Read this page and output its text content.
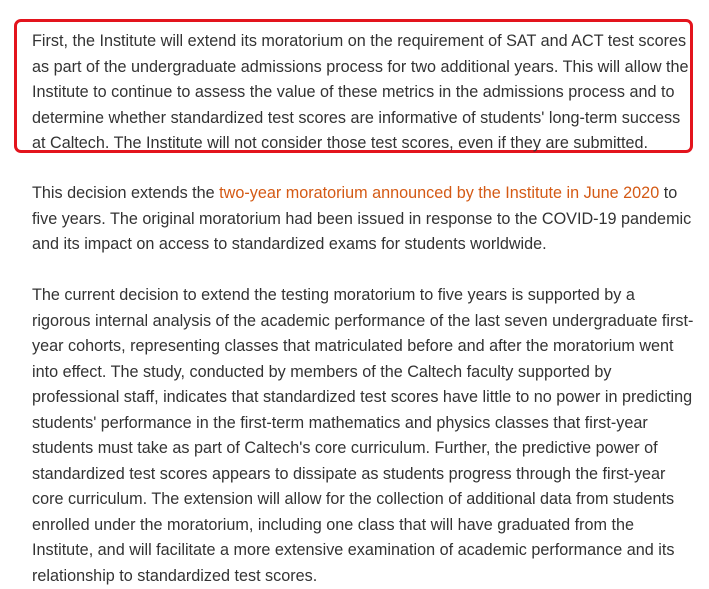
First, the Institute will extend its moratorium on the requirement of SAT and ACT test scores as part of the undergraduate admissions process for two additional years. This will allow the Institute to continue to assess the value of these metrics in the admissions process and to determine whether standardized test scores are informative of students' long-term success at Caltech. The Institute will not consider those test scores, even if they are submitted.

This decision extends the two-year moratorium announced by the Institute in June 2020 to five years. The original moratorium had been issued in response to the COVID-19 pandemic and its impact on access to standardized exams for students worldwide.

The current decision to extend the testing moratorium to five years is supported by a rigorous internal analysis of the academic performance of the last seven undergraduate first-year cohorts, representing classes that matriculated before and after the moratorium went into effect. The study, conducted by members of the Caltech faculty supported by professional staff, indicates that standardized test scores have little to no power in predicting students' performance in the first-term mathematics and physics classes that first-year students must take as part of Caltech's core curriculum. Further, the predictive power of standardized test scores appears to dissipate as students progress through the first-year core curriculum. The extension will allow for the collection of additional data from students enrolled under the moratorium, including one class that will have graduated from the Institute, and will facilitate a more extensive examination of academic performance and its relationship to standardized test scores.
